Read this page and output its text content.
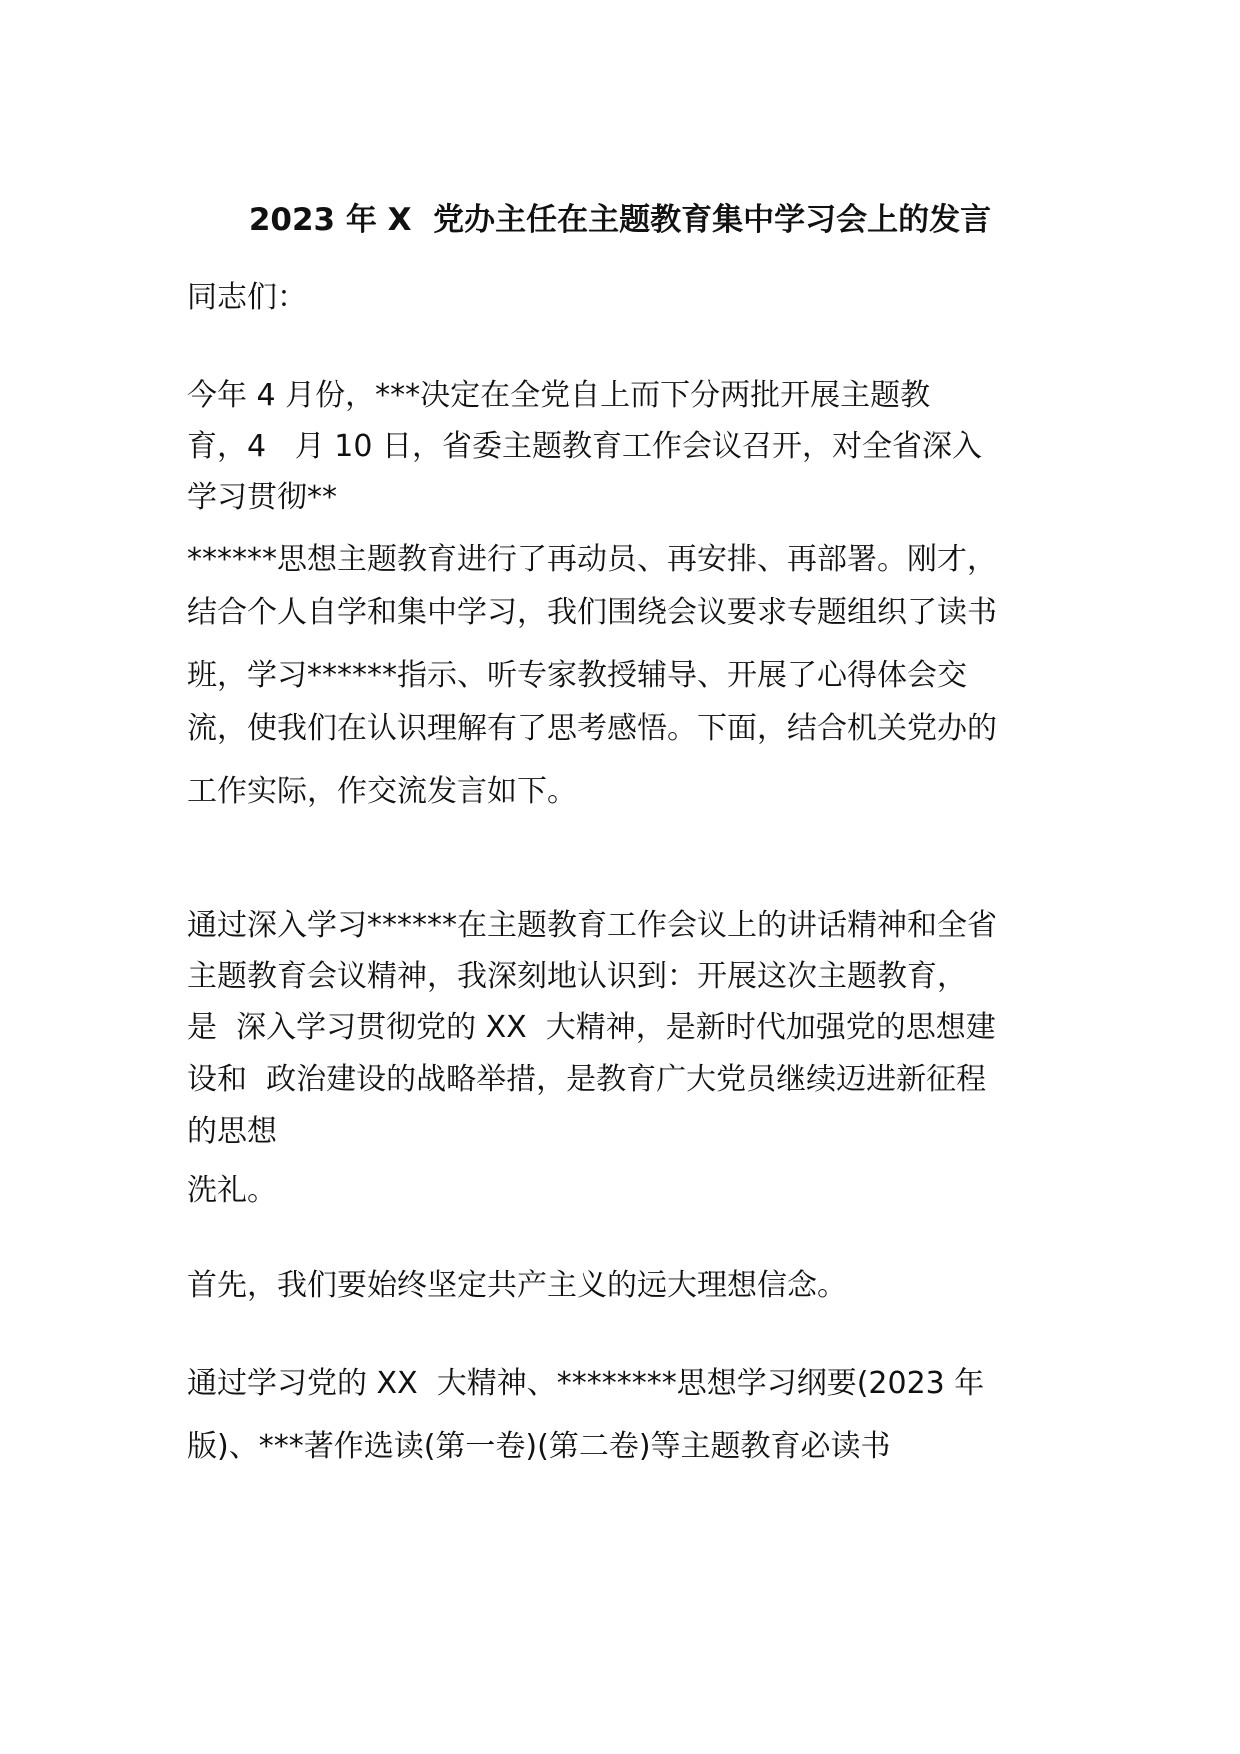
2023 年 X  党办主任在主题教育集中学习会上的发言
同志们：
今年 4 月份，***决定在全党自上而下分两批开展主题教
育，4   月 10 日，省委主题教育工作会议召开，对全省深入
学习贯彻**
******思想主题教育进行了再动员、再安排、再部署。刚才，
结合个人自学和集中学习，我们围绕会议要求专题组织了读书
班，学习******指示、听专家教授辅导、开展了心得体会交
流，使我们在认识理解有了思考感悟。下面，结合机关党办的
工作实际，作交流发言如下。
通过深入学习******在主题教育工作会议上的讲话精神和全省
主题教育会议精神，我深刻地认识到：开展这次主题教育，
是  深入学习贯彻党的 XX  大精神，是新时代加强党的思想建
设和  政治建设的战略举措，是教育广大党员继续迈进新征程
的思想
洗礼。
首先，我们要始终坚定共产主义的远大理想信念。
通过学习党的 XX  大精神、********思想学习纲要(2023 年
版)、***著作选读(第一卷)(第二卷)等主题教育必读书
